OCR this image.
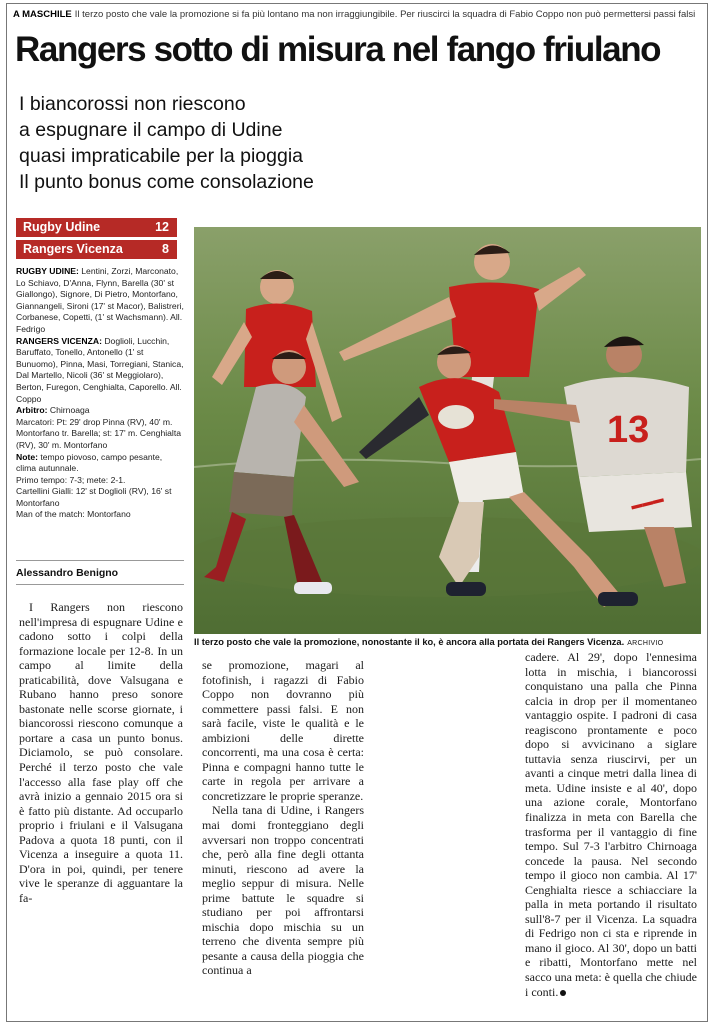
A MASCHILE Il terzo posto che vale la promozione si fa più lontano ma non irraggiungibile. Per riuscirci la squadra di Fabio Coppo non può permettersi passi falsi
Rangers sotto di misura nel fango friulano
I biancorossi non riescono
a espugnare il campo di Udine
quasi impraticabile per la pioggia
Il punto bonus come consolazione
Rugby Udine	12
Rangers Vicenza	8

RUGBY UDINE: Lentini, Zorzi, Marconato, Lo Schiavo, D'Anna, Flynn, Barella (30' st Giallongo), Signore, Di Pietro, Montorfano, Giannangeli, Sironi (17' st Macor), Balistreri, Corbanese, Copetti, (1' st Wachsmann). All. Fedrigo

RANGERS VICENZA: Doglioli, Lucchin, Baruffato, Tonello, Antonello (1' st Bunuomo), Pinna, Masi, Torregiani, Stanica, Dal Martello, Nicoli (36' st Meggiolaro), Berton, Furegon, Cenghialta, Caporello. All. Coppo

Arbitro: Chirnoaga

Marcatori: Pt: 29' drop Pinna (RV), 40' m. Montorfano tr. Barella; st: 17' m. Cenghialta (RV), 30' m. Montorfano

Note: tempo piovoso, campo pesante, clima autunnale.

Primo tempo: 7-3; mete: 2-1.

Cartellini Gialli: 12' st Doglioli (RV), 16' st Montorfano

Man of the match: Montorfano

Alessandro Benigno
13
▬▬▬
Il terzo posto che vale la promozione, nonostante il ko, è ancora alla portata dei Rangers Vicenza. ARCHIVIO

I Rangers non riescono nell'impresa di espugnare Udine e cadono sotto i colpi della formazione locale per 12-8. In un campo al limite della praticabilità, dove Valsugana e Rubano hanno preso sonore bastonate nelle scorse giornate, i biancorossi riescono comunque a portare a casa un punto bonus. Diciamolo, se può consolare. Perché il terzo posto che vale l'accesso alla fase play off che avrà inizio a gennaio 2015 ora si è fatto più distante. Ad occuparlo proprio i friulani e il Valsugana Padova a quota 18 punti, con il Vicenza a inseguire a quota 11. D'ora in poi, quindi, per tenere vive le speranze di agguantare la fa-

se promozione, magari al fotofinish, i ragazzi di Fabio Coppo non dovranno più commettere passi falsi. E non sarà facile, viste le qualità e le ambizioni delle dirette concorrenti, ma una cosa è certa: Pinna e compagni hanno tutte le carte in regola per arrivare a concretizzare le proprie speranze.

Nella tana di Udine, i Rangers mai domi fronteggiano degli avversari non troppo concentrati che, però alla fine degli ottanta minuti, riescono ad avere la meglio seppur di misura. Nelle prime battute le squadre si studiano per poi affrontarsi mischia dopo mischia su un terreno che diventa sempre più pesante a causa della pioggia che continua a

cadere. Al 29', dopo l'ennesima lotta in mischia, i biancorossi conquistano una palla che Pinna calcia in drop per il momentaneo vantaggio ospite. I padroni di casa reagiscono prontamente e poco dopo si avvicinano a siglare tuttavia senza riuscirvi, per un avanti a cinque metri dalla linea di meta. Udine insiste e al 40', dopo una azione corale, Montorfano finalizza in meta con Barella che trasforma per il vantaggio di fine tempo. Sul 7-3 l'arbitro Chirnoaga concede la pausa. Nel secondo tempo il gioco non cambia. Al 17' Cenghialta riesce a schiacciare la palla in meta portando il risultato sull'8-7 per il Vicenza. La squadra di Fedrigo non ci sta e riprende in mano il gioco. Al 30', dopo un batti e ribatti, Montorfano mette nel sacco una meta: è quella che chiude i conti.
